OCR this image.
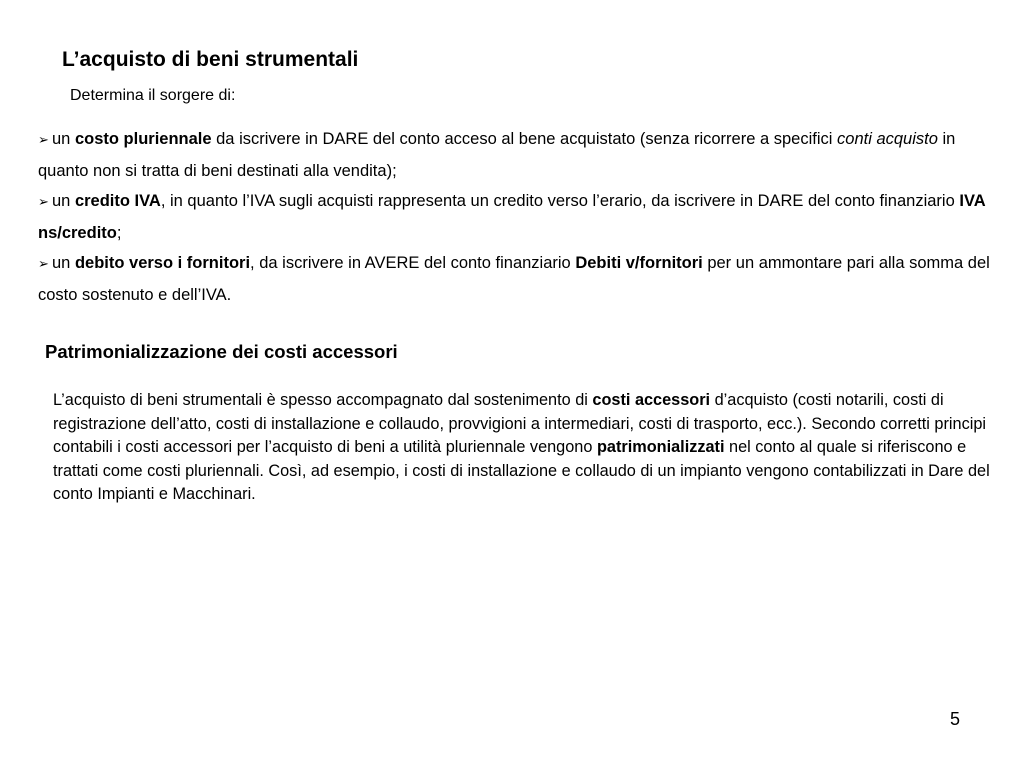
L’acquisto di beni strumentali

Determina il sorgere di:

➢ un costo pluriennale da iscrivere in DARE del conto acceso al bene acquistato (senza ricorrere a specifici conti acquisto in quanto non si tratta di beni destinati alla vendita);
➢ un credito IVA, in quanto l’IVA sugli acquisti rappresenta un credito verso l’erario, da iscrivere in DARE del conto finanziario IVA ns/credito;
➢ un debito verso i fornitori, da iscrivere in AVERE del conto finanziario Debiti v/fornitori per un ammontare pari alla somma del costo sostenuto e dell’IVA.
Patrimonializzazione dei costi accessori

L’acquisto di beni strumentali è spesso accompagnato dal sostenimento di costi accessori d’acquisto (costi notarili, costi di registrazione dell’atto, costi di installazione e collaudo, provvigioni a intermediari, costi di trasporto, ecc.). Secondo corretti principi contabili i costi accessori per l’acquisto di beni a utilità pluriennale vengono patrimonializzati nel conto al quale si riferiscono e trattati come costi pluriennali. Così, ad esempio, i costi di installazione e collaudo di un impianto vengono contabilizzati in Dare del conto Impianti e Macchinari.

5
